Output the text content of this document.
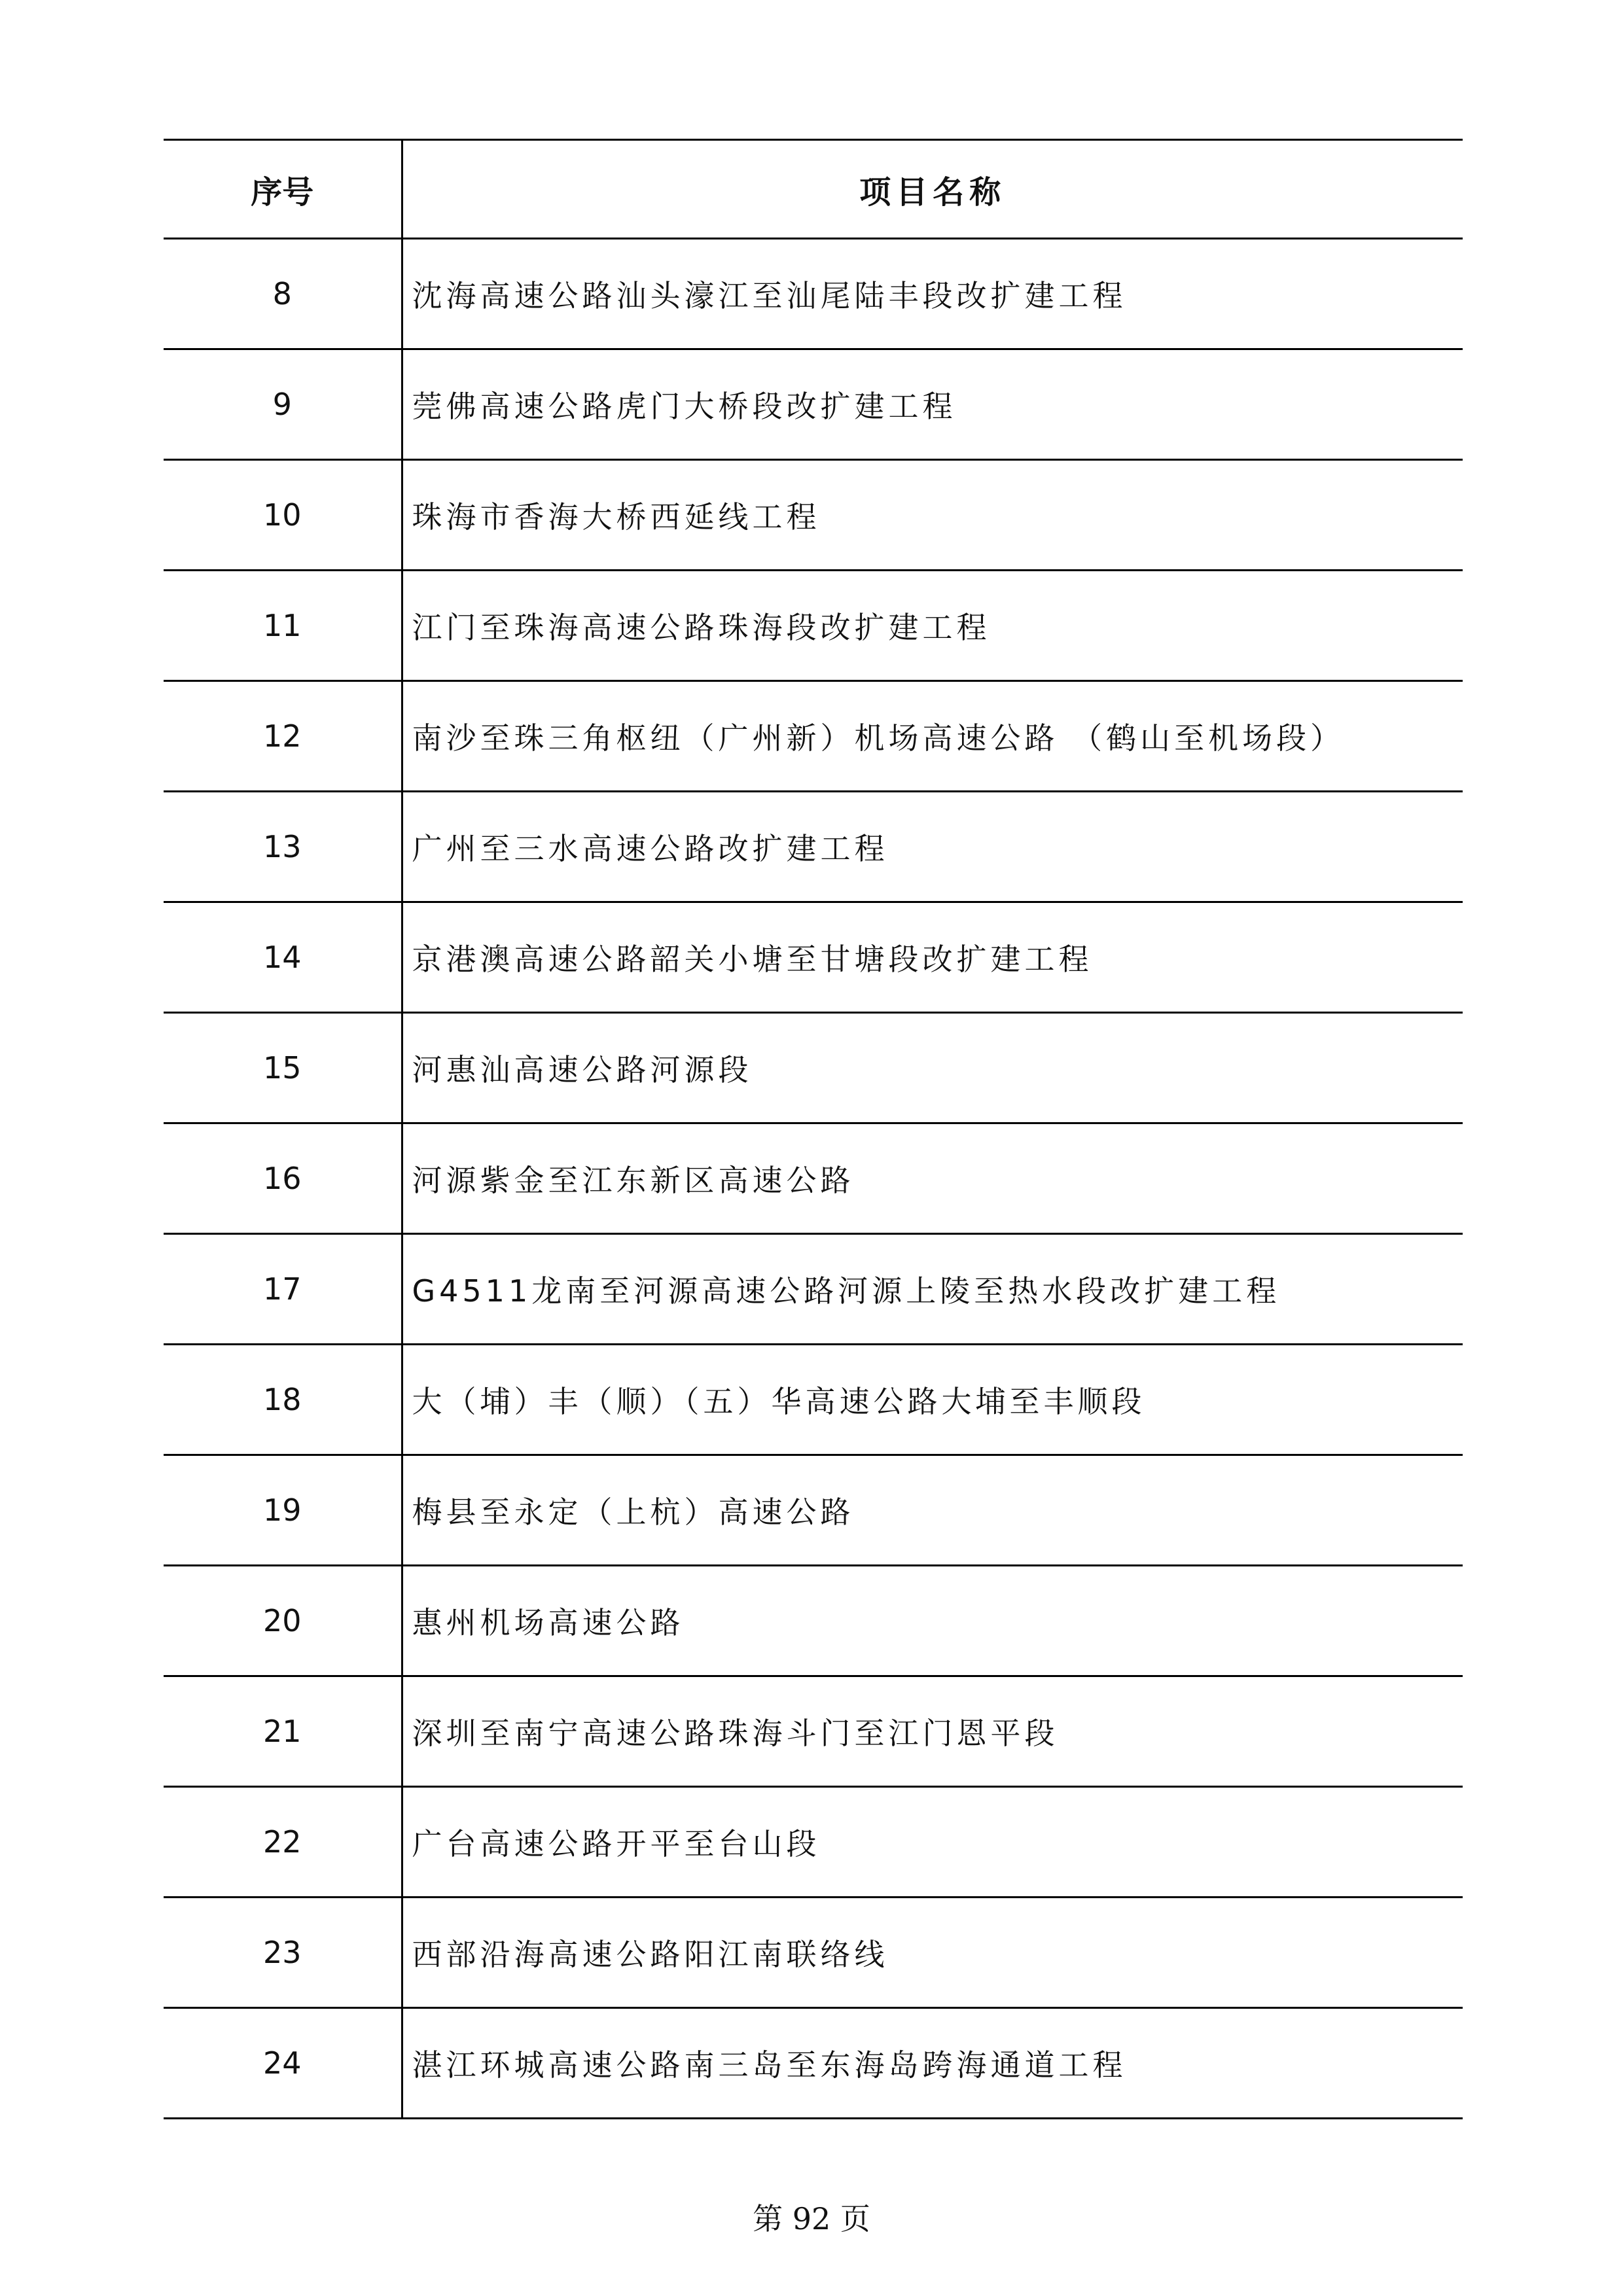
序号	项目名称
8	沈海高速公路汕头濠江至汕尾陆丰段改扩建工程
9	莞佛高速公路虎门大桥段改扩建工程
10	珠海市香海大桥西延线工程
11	江门至珠海高速公路珠海段改扩建工程
12	南沙至珠三角枢纽（广州新）机场高速公路 （鹤山至机场段）
13	广州至三水高速公路改扩建工程
14	京港澳高速公路韶关小塘至甘塘段改扩建工程
15	河惠汕高速公路河源段
16	河源紫金至江东新区高速公路
17	G4511龙南至河源高速公路河源上陵至热水段改扩建工程
18	大（埔）丰（顺）（五）华高速公路大埔至丰顺段
19	梅县至永定（上杭）高速公路
20	惠州机场高速公路
21	深圳至南宁高速公路珠海斗门至江门恩平段
22	广台高速公路开平至台山段
23	西部沿海高速公路阳江南联络线
24	湛江环城高速公路南三岛至东海岛跨海通道工程
第 92 页
